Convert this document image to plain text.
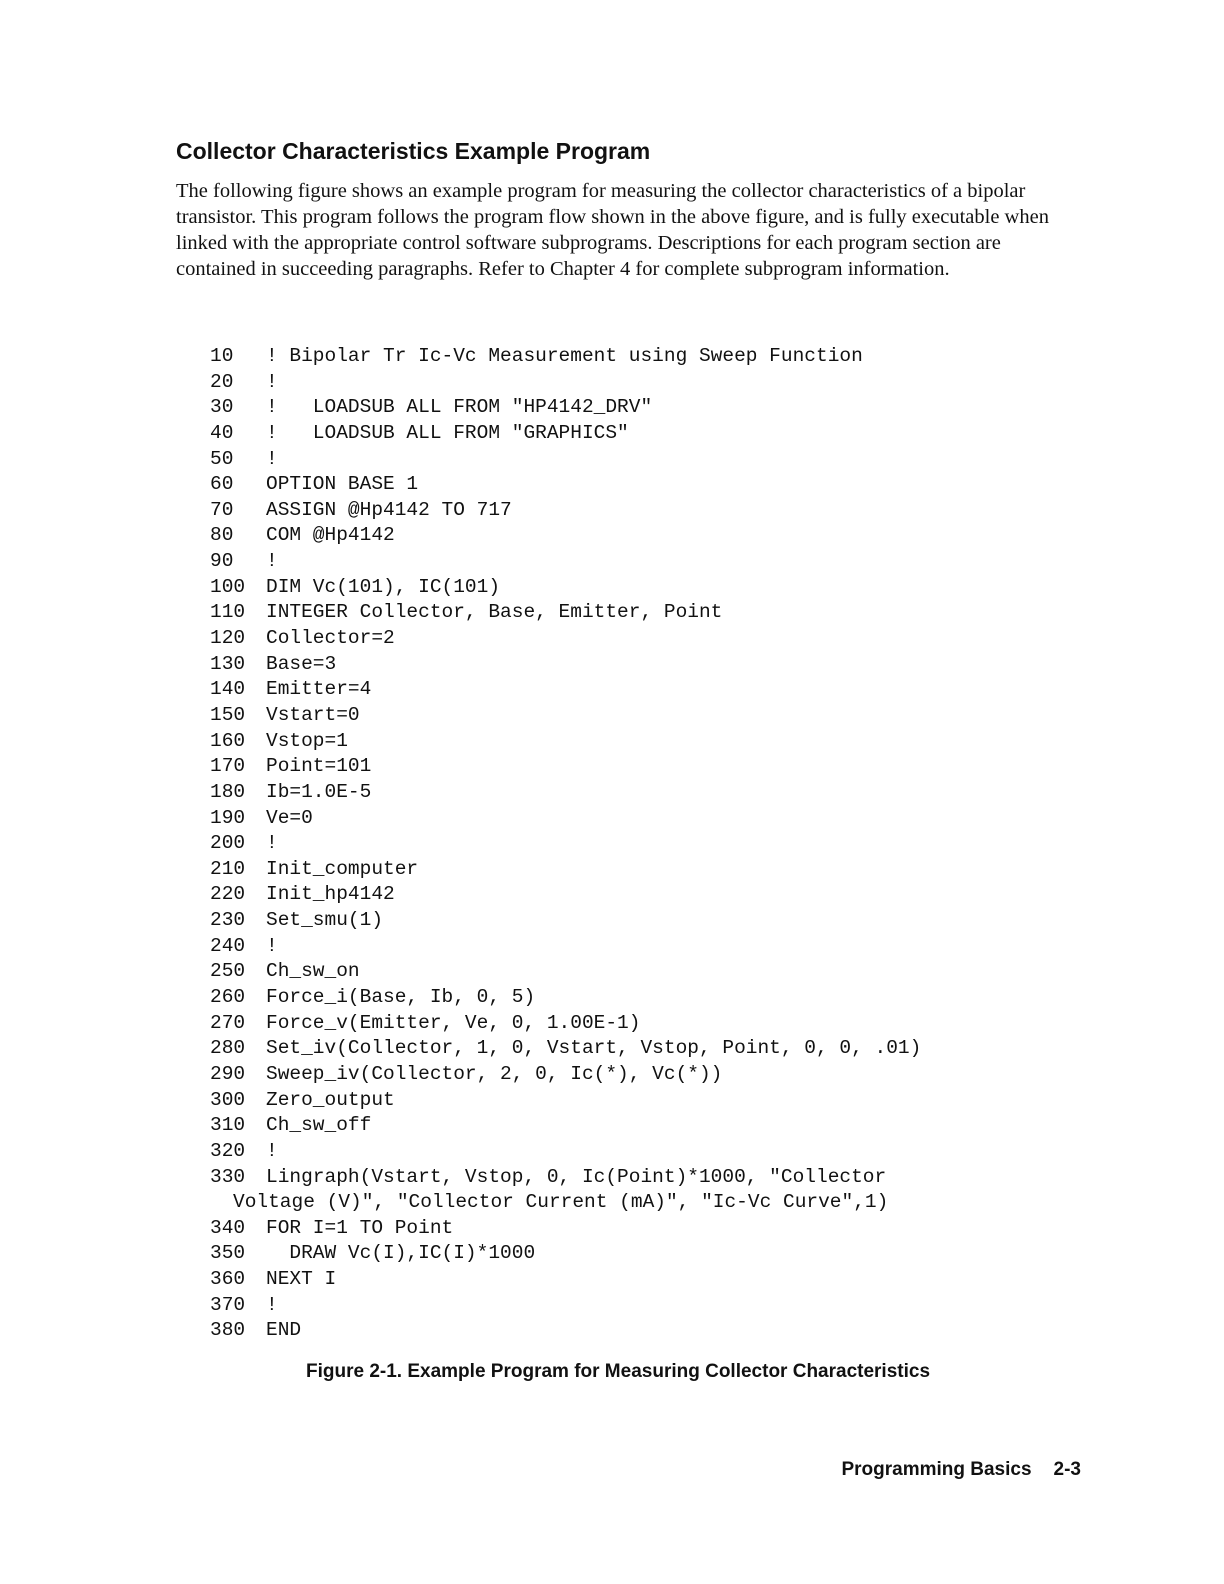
Collector Characteristics Example Program

The following figure shows an example program for measuring the collector characteristics of a bipolar transistor. This program follows the program flow shown in the above figure, and is fully executable when linked with the appropriate control software subprograms. Descriptions for each program section are contained in succeeding paragraphs. Refer to Chapter 4 for complete subprogram information.

10	! Bipolar Tr Ic-Vc Measurement using Sweep Function
20	!
30	!   LOADSUB ALL FROM "HP4142_DRV"
40	!   LOADSUB ALL FROM "GRAPHICS"
50	!
60	OPTION BASE 1
70	ASSIGN @Hp4142 TO 717
80	COM @Hp4142
90	!
100 DIM Vc(101), IC(101)
110 INTEGER Collector, Base, Emitter, Point
120 Collector=2
130 Base=3
140 Emitter=4
150 Vstart=0
160 Vstop=1
170 Point=101
180 Ib=1.0E-5
190 Ve=0
200 !
210 Init_computer
220 Init_hp4142
230 Set_smu(1)
240 !
250 Ch_sw_on
260 Force_i(Base, Ib, 0, 5)
270 Force_v(Emitter, Ve, 0, 1.00E-1)
280 Set_iv(Collector, 1, 0, Vstart, Vstop, Point, 0, 0, .01)
290 Sweep_iv(Collector, 2, 0, Ic(*), Vc(*))
300 Zero_output
310 Ch_sw_off
320 !
330 Lingraph(Vstart, Vstop, 0, Ic(Point)*1000, "Collector
Voltage (V)", "Collector Current (mA)", "Ic-Vc Curve",1)
340 FOR I=1 TO Point
350 DRAW Vc(I),IC(I)*1000
360 NEXT I
370 !
380 END

Figure 2-1. Example Program for Measuring Collector Characteristics

Programming Basics 2-3
